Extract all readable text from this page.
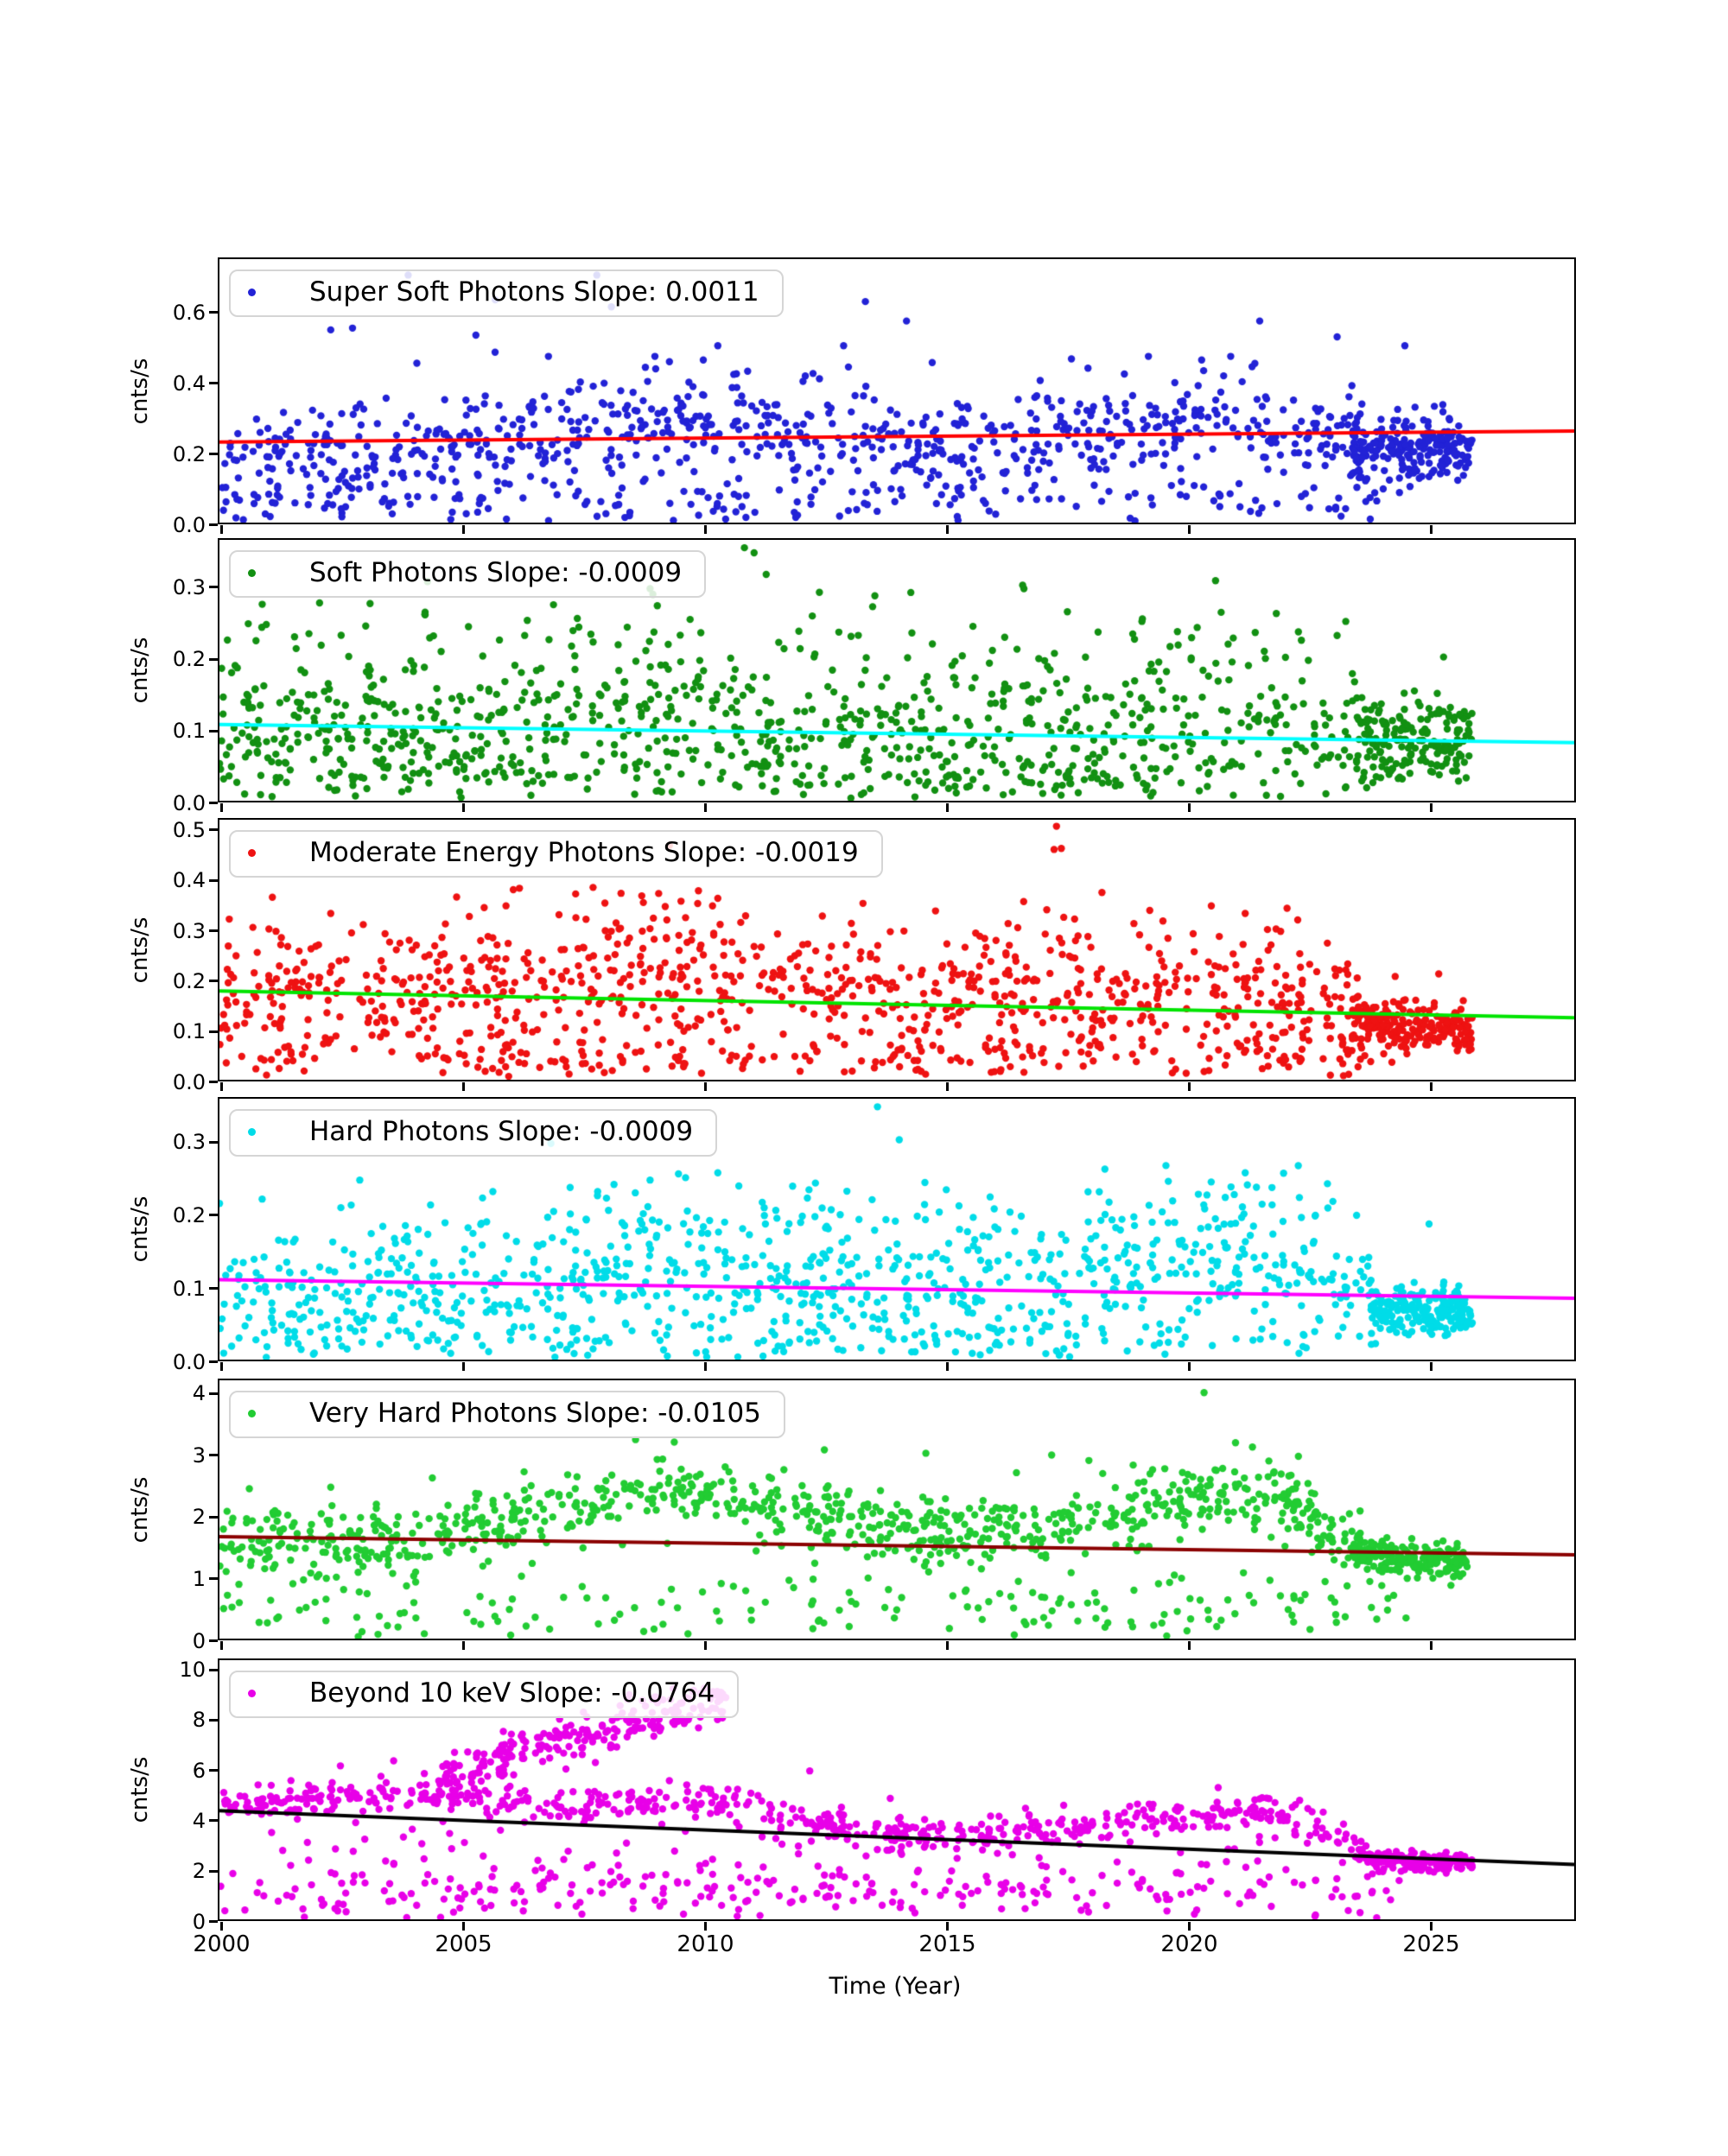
Super Soft Photons Slope: 0.0011
cnts/s
0.0
0.2
0.4
0.6
Soft Photons Slope: -0.0009
cnts/s
0.0
0.1
0.2
0.3
Moderate Energy Photons Slope: -0.0019
cnts/s
0.0
0.1
0.2
0.3
0.4
0.5
Hard Photons Slope: -0.0009
cnts/s
0.0
0.1
0.2
0.3
Very Hard Photons Slope: -0.0105
cnts/s
0
1
2
3
4
Beyond 10 keV Slope: -0.0764
cnts/s
0
2
4
6
8
10
2000	2005	2010	2015	2020	2025
Time (Year)
